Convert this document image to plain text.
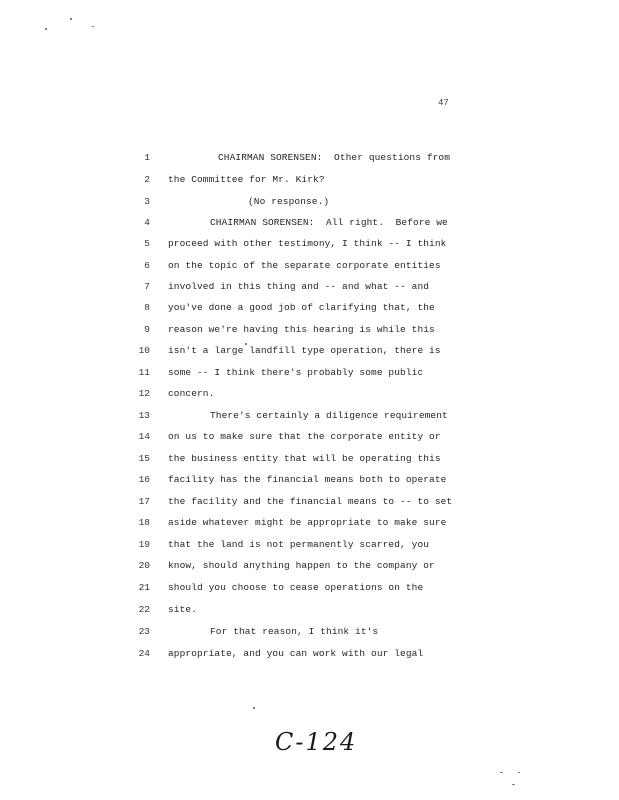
47
1	CHAIRMAN SORENSEN:  Other questions from
2 the Committee for Mr. Kirk?
3	(No response.)
4	CHAIRMAN SORENSEN:  All right.  Before we
5 proceed with other testimony, I think -- I think
6 on the topic of the separate corporate entities
7 involved in this thing and -- and what -- and
8 you've done a good job of clarifying that, the
9 reason we're having this hearing is while this
10 isn't a large landfill type operation, there is
11 some -- I think there's probably some public
12 concern.
13	There's certainly a diligence requirement
14 on us to make sure that the corporate entity or
15 the business entity that will be operating this
16 facility has the financial means both to operate
17 the facility and the financial means to -- to set
18 aside whatever might be appropriate to make sure
19 that the land is not permanently scarred, you
20 know, should anything happen to the company or
21 should you choose to cease operations on the
22 site.
23	For that reason, I think it's
24 appropriate, and you can work with our legal
C-124
